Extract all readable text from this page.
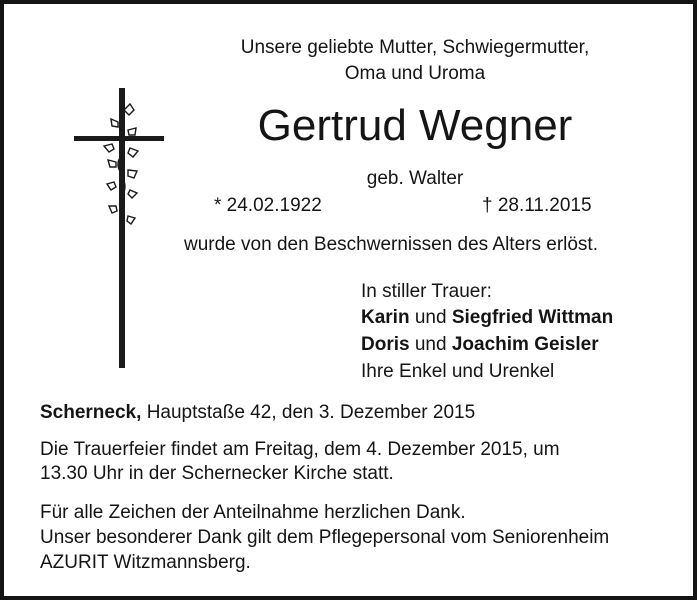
Unsere geliebte Mutter, Schwiegermutter,
Oma und Uroma
Gertrud Wegner
geb. Walter
* 24.02.1922	† 28.11.2015
wurde von den Beschwernissen des Alters erlöst.
In stiller Trauer:
Karin und Siegfried Wittman
Doris und Joachim Geisler
Ihre Enkel und Urenkel
Scherneck, Hauptstaße 42, den 3. Dezember 2015
Die Trauerfeier findet am Freitag, dem 4. Dezember 2015, um
13.30 Uhr in der Schernecker Kirche statt.
Für alle Zeichen der Anteilnahme herzlichen Dank.
Unser besonderer Dank gilt dem Pflegepersonal vom Seniorenheim
AZURIT Witzmannsberg.
